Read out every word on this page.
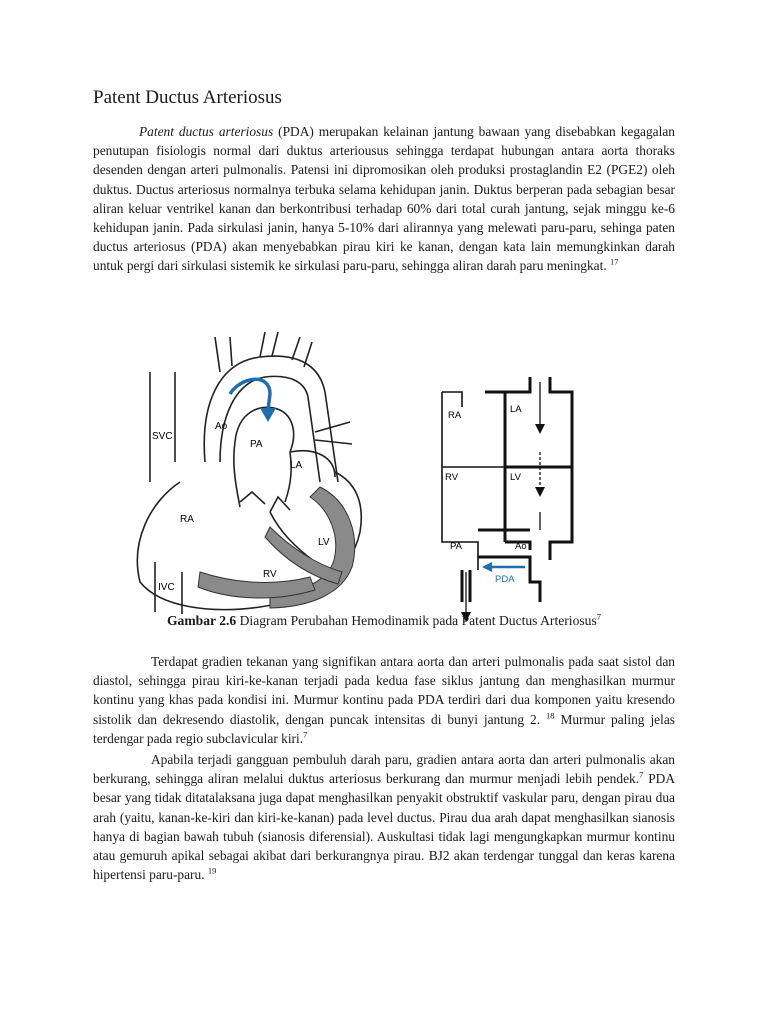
Patent Ductus Arteriosus

Patent ductus arteriosus (PDA) merupakan kelainan jantung bawaan yang disebabkan kegagalan penutupan fisiologis normal dari duktus arteriousus sehingga terdapat hubungan antara aorta thoraks desenden dengan arteri pulmonalis. Patensi ini dipromosikan oleh produksi prostaglandin E2 (PGE2) oleh duktus. Ductus arteriosus normalnya terbuka selama kehidupan janin. Duktus berperan pada sebagian besar aliran keluar ventrikel kanan dan berkontribusi terhadap 60% dari total curah jantung, sejak minggu ke-6 kehidupan janin. Pada sirkulasi janin, hanya 5-10% dari alirannya yang melewati paru-paru, sehinga paten ductus arteriosus (PDA) akan menyebabkan pirau kiri ke kanan, dengan kata lain memungkinkan darah untuk pergi dari sirkulasi sistemik ke sirkulasi paru-paru, sehingga aliran darah paru meningkat. $^{17}$

SVC
Ao
PA
LA
RA
LV
RV
IVC
RA
LA
RV	LV
PA	Ao
PDA
Gambar 2.6 Diagram Perubahan Hemodinamik pada Patent Ductus Arteriosus$^7$

Terdapat gradien tekanan yang signifikan antara aorta dan arteri pulmonalis pada saat sistol dan diastol, sehingga pirau kiri-ke-kanan terjadi pada kedua fase siklus jantung dan menghasilkan murmur kontinu yang khas pada kondisi ini. Murmur kontinu pada PDA terdiri dari dua komponen yaitu kresendo sistolik dan dekresendo diastolik, dengan puncak intensitas di bunyi jantung 2. $^{18}$ Murmur paling jelas terdengar pada regio subclavicular kiri.$^7$

Apabila terjadi gangguan pembuluh darah paru, gradien antara aorta dan arteri pulmonalis akan berkurang, sehingga aliran melalui duktus arteriosus berkurang dan murmur menjadi lebih pendek.$^7$ PDA besar yang tidak ditatalaksana juga dapat menghasilkan penyakit obstruktif vaskular paru, dengan pirau dua arah (yaitu, kanan-ke-kiri dan kiri-ke-kanan) pada level ductus. Pirau dua arah dapat menghasilkan sianosis hanya di bagian bawah tubuh (sianosis diferensial). Auskultasi tidak lagi mengungkapkan murmur kontinu atau gemuruh apikal sebagai akibat dari berkurangnya pirau. BJ2 akan terdengar tunggal dan keras karena hipertensi paru-paru. $^{19}$
